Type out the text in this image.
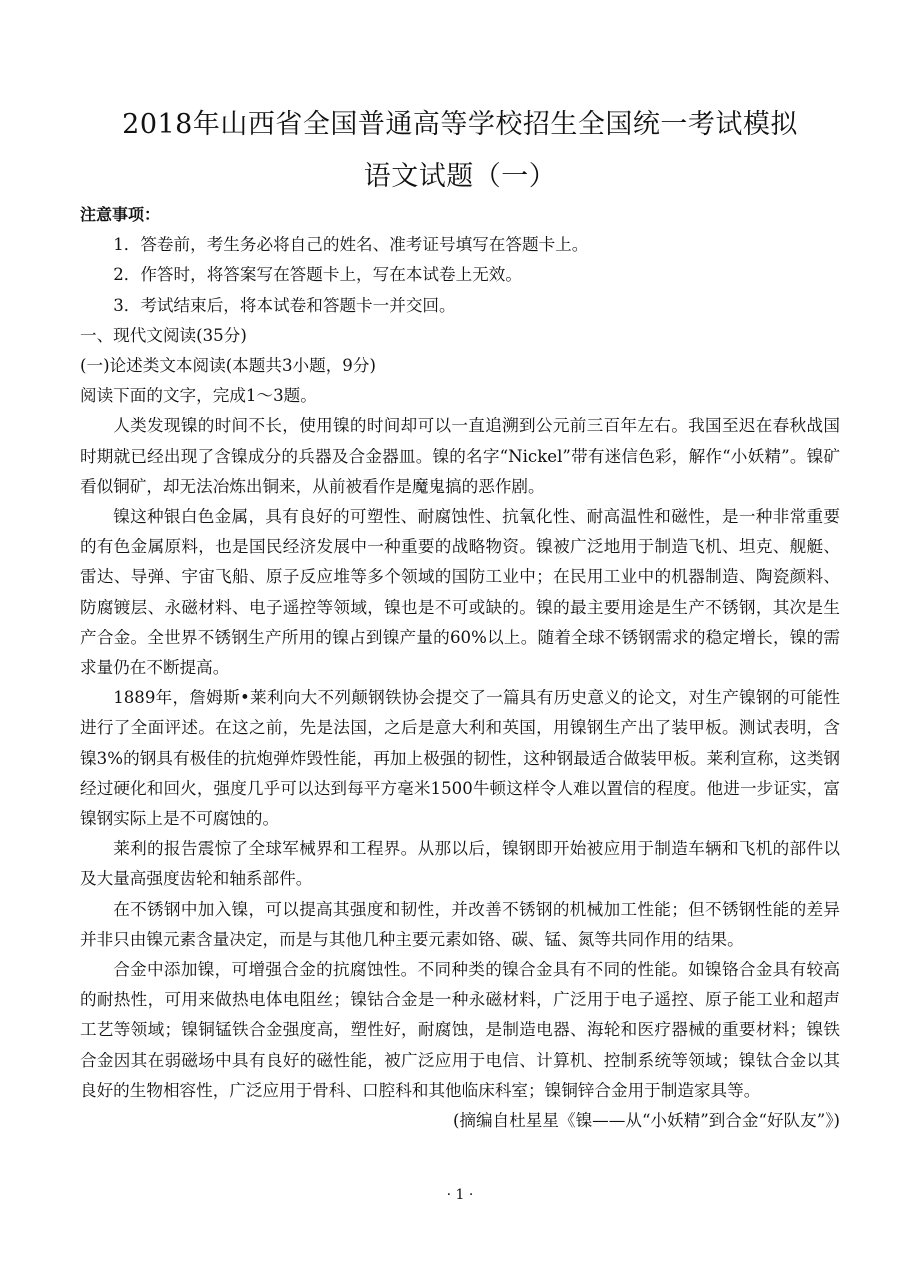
2018年山西省全国普通高等学校招生全国统一考试模拟
语文试题（一）

注意事项：

1．答卷前，考生务必将自己的姓名、准考证号填写在答题卡上。

2．作答时，将答案写在答题卡上，写在本试卷上无效。

3．考试结束后，将本试卷和答题卡一并交回。

一、现代文阅读(35分)

(一)论述类文本阅读(本题共3小题，9分)

阅读下面的文字，完成1～3题。

人类发现镍的时间不长，使用镍的时间却可以一直追溯到公元前三百年左右。我国至迟在春秋战国时期就已经出现了含镍成分的兵器及合金器皿。镍的名字“Nickel”带有迷信色彩，解作“小妖精”。镍矿看似铜矿，却无法冶炼出铜来，从前被看作是魔鬼搞的恶作剧。

镍这种银白色金属，具有良好的可塑性、耐腐蚀性、抗氧化性、耐高温性和磁性，是一种非常重要的有色金属原料，也是国民经济发展中一种重要的战略物资。镍被广泛地用于制造飞机、坦克、舰艇、雷达、导弹、宇宙飞船、原子反应堆等多个领域的国防工业中；在民用工业中的机器制造、陶瓷颜料、防腐镀层、永磁材料、电子遥控等领域，镍也是不可或缺的。镍的最主要用途是生产不锈钢，其次是生产合金。全世界不锈钢生产所用的镍占到镍产量的60%以上。随着全球不锈钢需求的稳定增长，镍的需求量仍在不断提高。

1889年，詹姆斯•莱利向大不列颠钢铁协会提交了一篇具有历史意义的论文，对生产镍钢的可能性进行了全面评述。在这之前，先是法国，之后是意大利和英国，用镍钢生产出了装甲板。测试表明，含镍3%的钢具有极佳的抗炮弹炸毁性能，再加上极强的韧性，这种钢最适合做装甲板。莱利宣称，这类钢经过硬化和回火，强度几乎可以达到每平方毫米1500牛顿这样令人难以置信的程度。他进一步证实，富镍钢实际上是不可腐蚀的。

莱利的报告震惊了全球军械界和工程界。从那以后，镍钢即开始被应用于制造车辆和飞机的部件以及大量高强度齿轮和轴系部件。

在不锈钢中加入镍，可以提高其强度和韧性，并改善不锈钢的机械加工性能；但不锈钢性能的差异并非只由镍元素含量决定，而是与其他几种主要元素如铬、碳、锰、氮等共同作用的结果。

合金中添加镍，可增强合金的抗腐蚀性。不同种类的镍合金具有不同的性能。如镍铬合金具有较高的耐热性，可用来做热电体电阻丝；镍钴合金是一种永磁材料，广泛用于电子遥控、原子能工业和超声工艺等领域；镍铜锰铁合金强度高，塑性好，耐腐蚀，是制造电器、海轮和医疗器械的重要材料；镍铁合金因其在弱磁场中具有良好的磁性能，被广泛应用于电信、计算机、控制系统等领域；镍钛合金以其良好的生物相容性，广泛应用于骨科、口腔科和其他临床科室；镍铜锌合金用于制造家具等。

(摘编自杜星星《镍——从“小妖精”到合金“好队友”》)

· 1 ·
